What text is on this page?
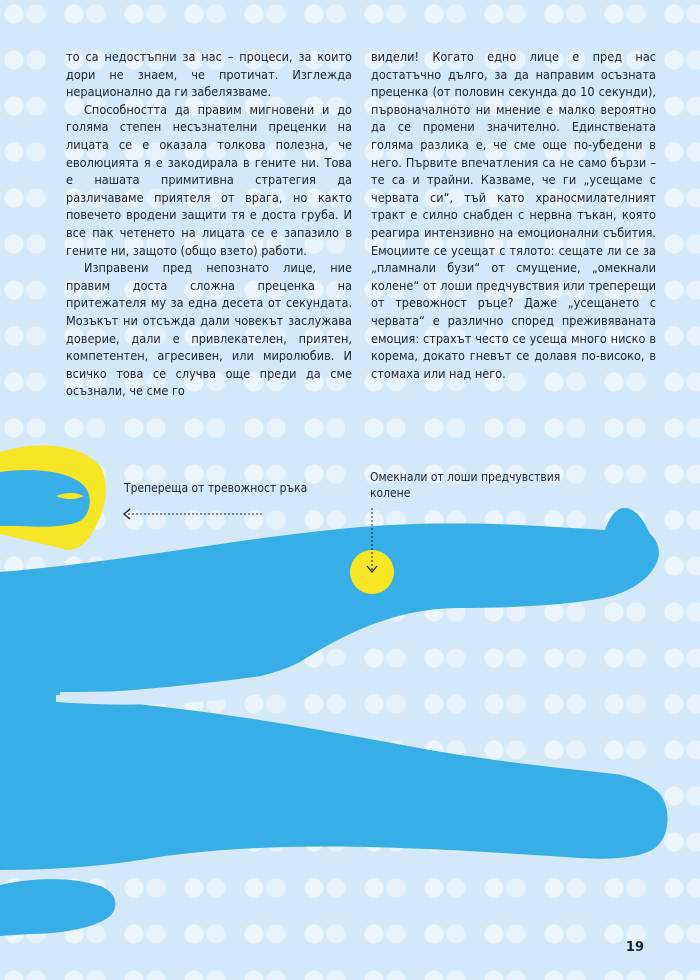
то са недостъпни за нас – процеси, за които дори не знаем, че протичат. Изглежда нерационално да ги забелязваме.

Способността да правим мигновени и до голяма степен несъзнателни преценки на лицата се е оказала толкова полезна, че еволюцията я е закодирала в гените ни. Това е нашата примитивна стратегия да различаваме приятеля от врага, но както повечето вродени защити тя е доста груба. И все пак четенето на лицата се е запазило в гените ни, защото (общо взето) работи.

Изправени пред непознато лице, ние правим доста сложна преценка на притежателя му за една десета от секундата. Мозъкът ни отсъжда дали човекът заслужава доверие, дали е привлекателен, приятен, компетентен, агресивен, или миролюбив. И всичко това се случва още преди да сме осъзнали, че сме го

видели! Когато едно лице е пред нас достатъчно дълго, за да направим осъзната преценка (от половин секунда до 10 секунди), първоначалното ни мнение е малко вероятно да се промени значително. Единствената голяма разлика е, че сме още по-убедени в него. Първите впечатления са не само бързи – те са и трайни. Казваме, че ги „усещаме с червата си“, тъй като храносмилателният тракт е силно снабден с нервна тъкан, която реагира интензивно на емоционални събития. Емоциите се усещат с тялото: сещате ли се за „пламнали бузи“ от смущение, „омекнали колене“ от лоши предчувствия или треперещи от тревожност ръце? Даже „усещането с червата“ е различно според преживяваната емоция: страхът често се усеща много ниско в корема, докато гневът се долавя по-високо, в стомаха или над него.

Трепереща от тревожност ръка
Омекнали от лоши предчувствия колене
19
